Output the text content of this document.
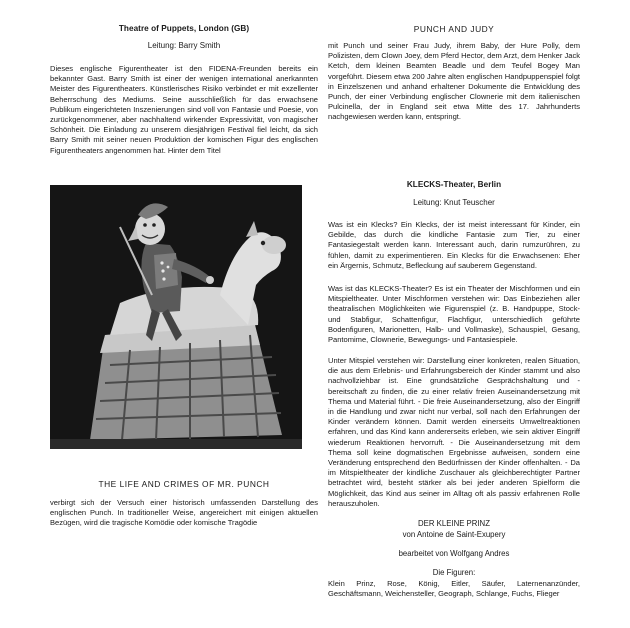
Theatre of Puppets, London (GB)

Leitung: Barry Smith

Dieses englische Figurentheater ist den FIDENA-Freunden bereits ein bekannter Gast. Barry Smith ist einer der wenigen international anerkannten Meister des Figurentheaters. Künstlerisches Risiko verbindet er mit exzellenter Beherrschung des Mediums. Seine ausschließlich für das erwachsene Publikum eingerichteten Inszenierungen sind voll von Fantasie und Poesie, von zurückgenommener, aber nachhaltend wirkender Expressivität, von magischer Schönheit. Die Einladung zu unserem diesjährigen Festival fiel leicht, da sich Barry Smith mit seiner neuen Produktion der komischen Figur des englischen Figurentheaters angenommen hat. Hinter dem Titel

THE LIFE AND CRIMES OF MR. PUNCH

verbirgt sich der Versuch einer historisch umfassenden Darstellung des englischen Punch. In traditioneller Weise, angereichert mit einigen aktuellen Bezügen, wird die tragische Komödie oder komische Tragödie

PUNCH AND JUDY

mit Punch und seiner Frau Judy, ihrem Baby, der Hure Polly, dem Polizisten, dem Clown Joey, dem Pferd Hector, dem Arzt, dem Henker Jack Ketch, dem kleinen Beamten Beadle und dem Teufel Bogey Man vorgeführt. Diesem etwa 200 Jahre alten englischen Handpuppenspiel folgt in Einzelszenen und anhand erhaltener Dokumente die Entwicklung des Punch, der einer Verbindung englischer Clownerie mit dem italienischen Pulcinella, der in England seit etwa Mitte des 17. Jahrhunderts nachgewiesen werden kann, entspringt.

KLECKS-Theater, Berlin

Leitung: Knut Teuscher

Was ist ein Klecks? Ein Klecks, der ist meist interessant für Kinder, ein Gebilde, das durch die kindliche Fantasie zum Tier, zu einer Fantasiegestalt werden kann. Interessant auch, darin rumzurühren, zu fühlen, damit zu experimentieren. Ein Klecks für die Erwachsenen: Eher ein Ärgernis, Schmutz, Befleckung auf sauberem Gegenstand.

Was ist das KLECKS-Theater? Es ist ein Theater der Mischformen und ein Mitspieltheater. Unter Mischformen verstehen wir: Das Einbeziehen aller theatralischen Möglichkeiten wie Figurenspiel (z. B. Handpuppe, Stock- und Stabfigur, Schattenfigur, Flachfigur, unterschiedlich geführte Bodenfiguren, Marionetten, Halb- und Vollmaske), Schauspiel, Gesang, Pantomime, Clownerie, Bewegungs- und Fantasiespiele.

Unter Mitspiel verstehen wir: Darstellung einer konkreten, realen Situation, die aus dem Erlebnis- und Erfahrungsbereich der Kinder stammt und also nachvollziehbar ist. Eine grundsätzliche Gesprächshaltung und -bereitschaft zu finden, die zu einer relativ freien Auseinandersetzung mit Thema und Material führt. - Die freie Auseinandersetzung, also der Eingriff in die Handlung und zwar nicht nur verbal, soll nach den Erfahrungen der Kinder verändern können. Damit werden einerseits Umweltreaktionen erfahren, und das Kind kann andererseits erleben, wie sein aktiver Eingriff wiederum Reaktionen hervorruft. - Die Auseinandersetzung mit dem Thema soll keine dogmatischen Ergebnisse aufweisen, sondern eine Veränderung entsprechend den Bedürfnissen der Kinder offenhalten. - Da im Mitspieltheater der kindliche Zuschauer als gleichberechtigter Partner betrachtet wird, besteht stärker als bei jeder anderen Spielform die Möglichkeit, das Kind aus seiner im Alltag oft als passiv erfahrenen Rolle herauszuholen.

DER KLEINE PRINZ

von Antoine de Saint-Exupery

bearbeitet von Wolfgang Andres

Die Figuren:

Klein Prinz, Rose, König, Eitler, Säufer, Laternenanzünder, Geschäftsmann, Weichensteller, Geograph, Schlange, Fuchs, Flieger
